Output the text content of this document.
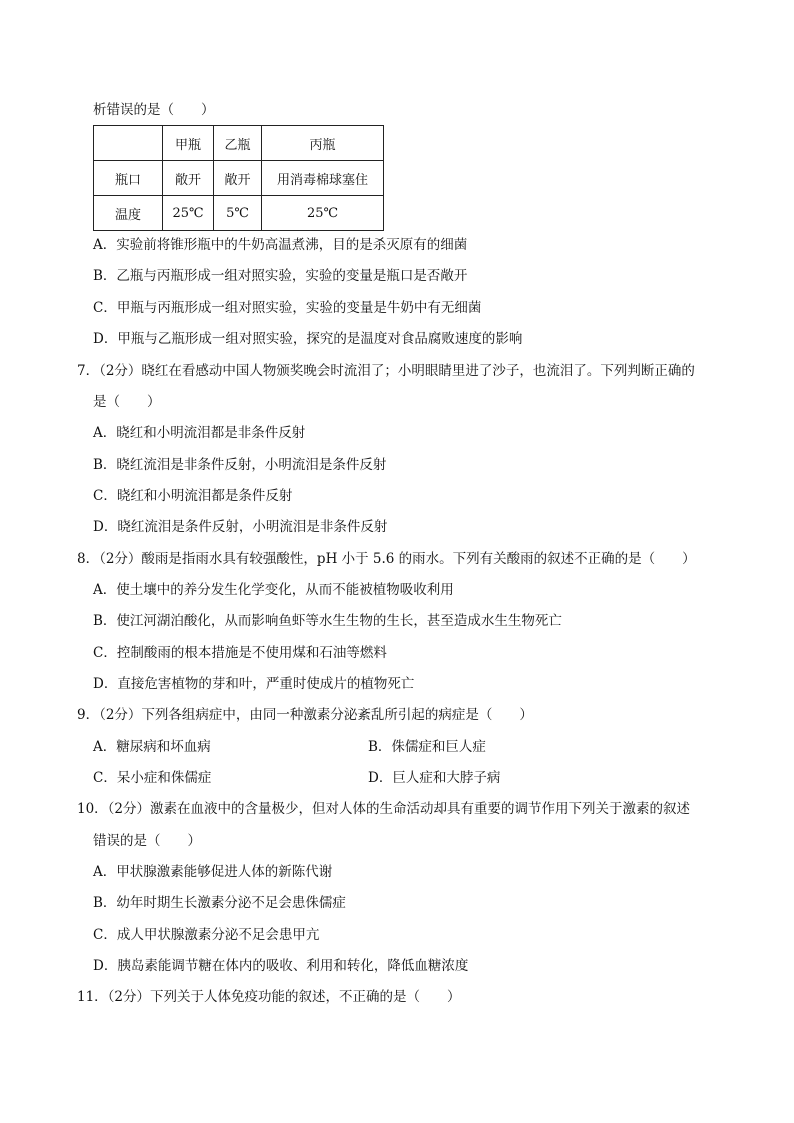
析错误的是（　　）
	甲瓶	乙瓶	丙瓶
瓶口	敞开	敞开	用消毒棉球塞住
温度	25℃	5℃	25℃
A．实验前将锥形瓶中的牛奶高温煮沸，目的是杀灭原有的细菌
B．乙瓶与丙瓶形成一组对照实验，实验的变量是瓶口是否敞开
C．甲瓶与丙瓶形成一组对照实验，实验的变量是牛奶中有无细菌
D．甲瓶与乙瓶形成一组对照实验，探究的是温度对食品腐败速度的影响
7．（2分）晓红在看感动中国人物颁奖晚会时流泪了；小明眼睛里进了沙子，也流泪了。下列判断正确的
是（　　）
A．晓红和小明流泪都是非条件反射
B．晓红流泪是非条件反射，小明流泪是条件反射
C．晓红和小明流泪都是条件反射
D．晓红流泪是条件反射，小明流泪是非条件反射
8．（2分）酸雨是指雨水具有较强酸性，pH 小于 5.6 的雨水。下列有关酸雨的叙述不正确的是（　　）
A．使土壤中的养分发生化学变化，从而不能被植物吸收利用
B．使江河湖泊酸化，从而影响鱼虾等水生生物的生长，甚至造成水生生物死亡
C．控制酸雨的根本措施是不使用煤和石油等燃料
D．直接危害植物的芽和叶，严重时使成片的植物死亡
9．（2分）下列各组病症中，由同一种激素分泌紊乱所引起的病症是（　　）
A．糖尿病和坏血病	B．侏儒症和巨人症
C．呆小症和侏儒症	D．巨人症和大脖子病
10．（2分）激素在血液中的含量极少，但对人体的生命活动却具有重要的调节作用下列关于激素的叙述
错误的是（　　）
A．甲状腺激素能够促进人体的新陈代谢
B．幼年时期生长激素分泌不足会患侏儒症
C．成人甲状腺激素分泌不足会患甲亢
D．胰岛素能调节糖在体内的吸收、利用和转化，降低血糖浓度
11．（2分）下列关于人体免疫功能的叙述，不正确的是（　　）
